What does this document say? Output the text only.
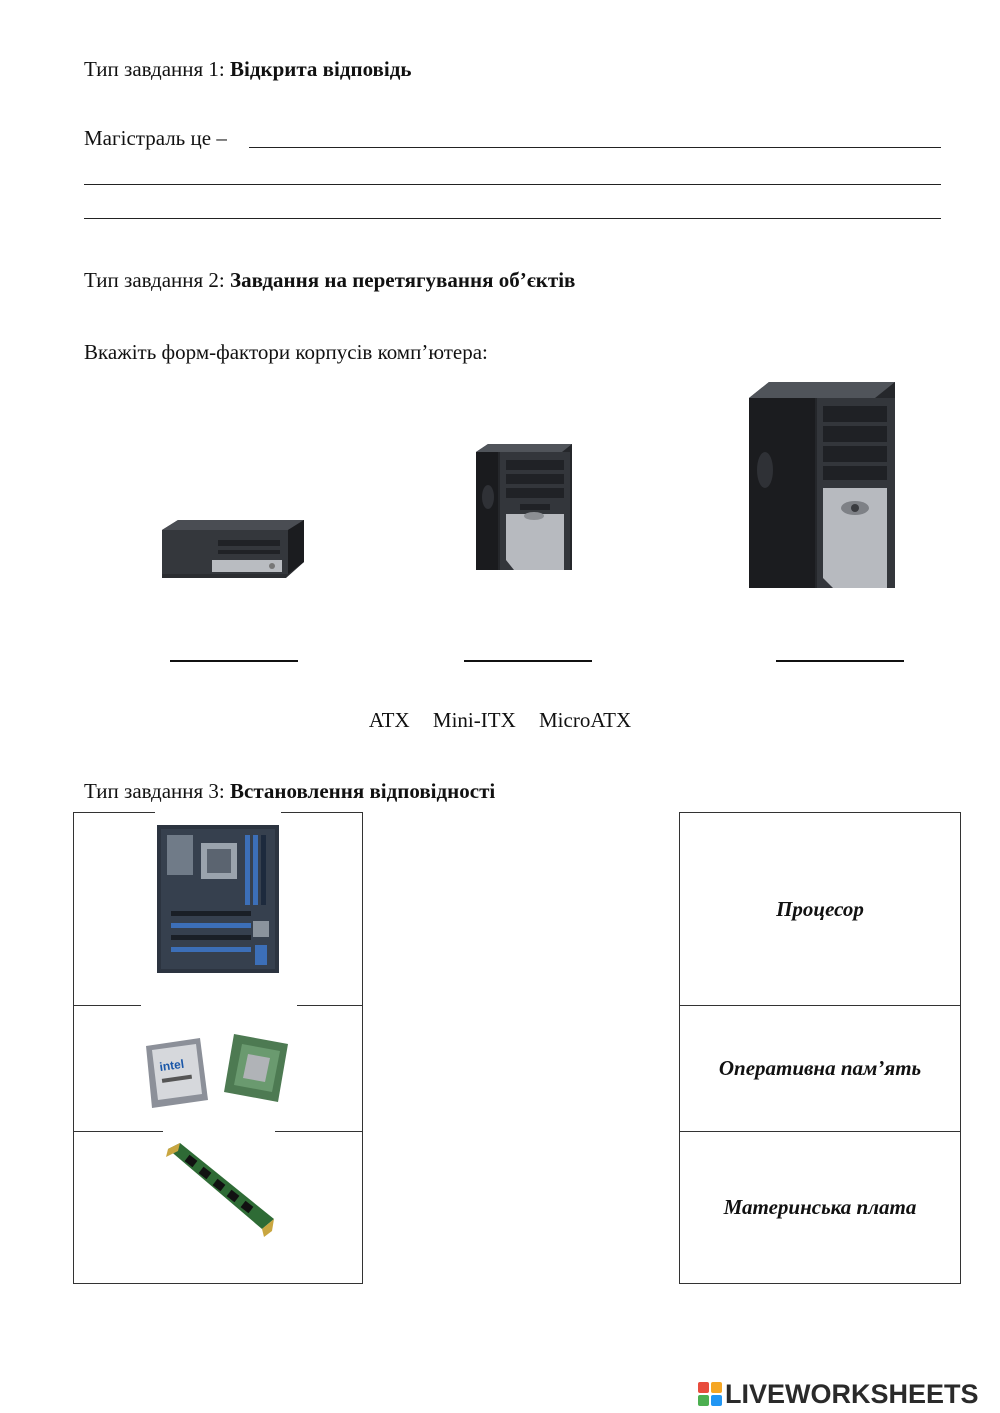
Тип завдання 1: Відкрита відповідь
Магістраль це –
Тип завдання 2: Завдання на перетягування об’єктів
Вкажіть форм-фактори корпусів комп’ютера:
ATX Mini-ITX MicroATX
Тип завдання 3: Встановлення відповідності
intel
Процесор
Оперативна пам’ять
Материнська плата
LIVEWORKSHEETS
